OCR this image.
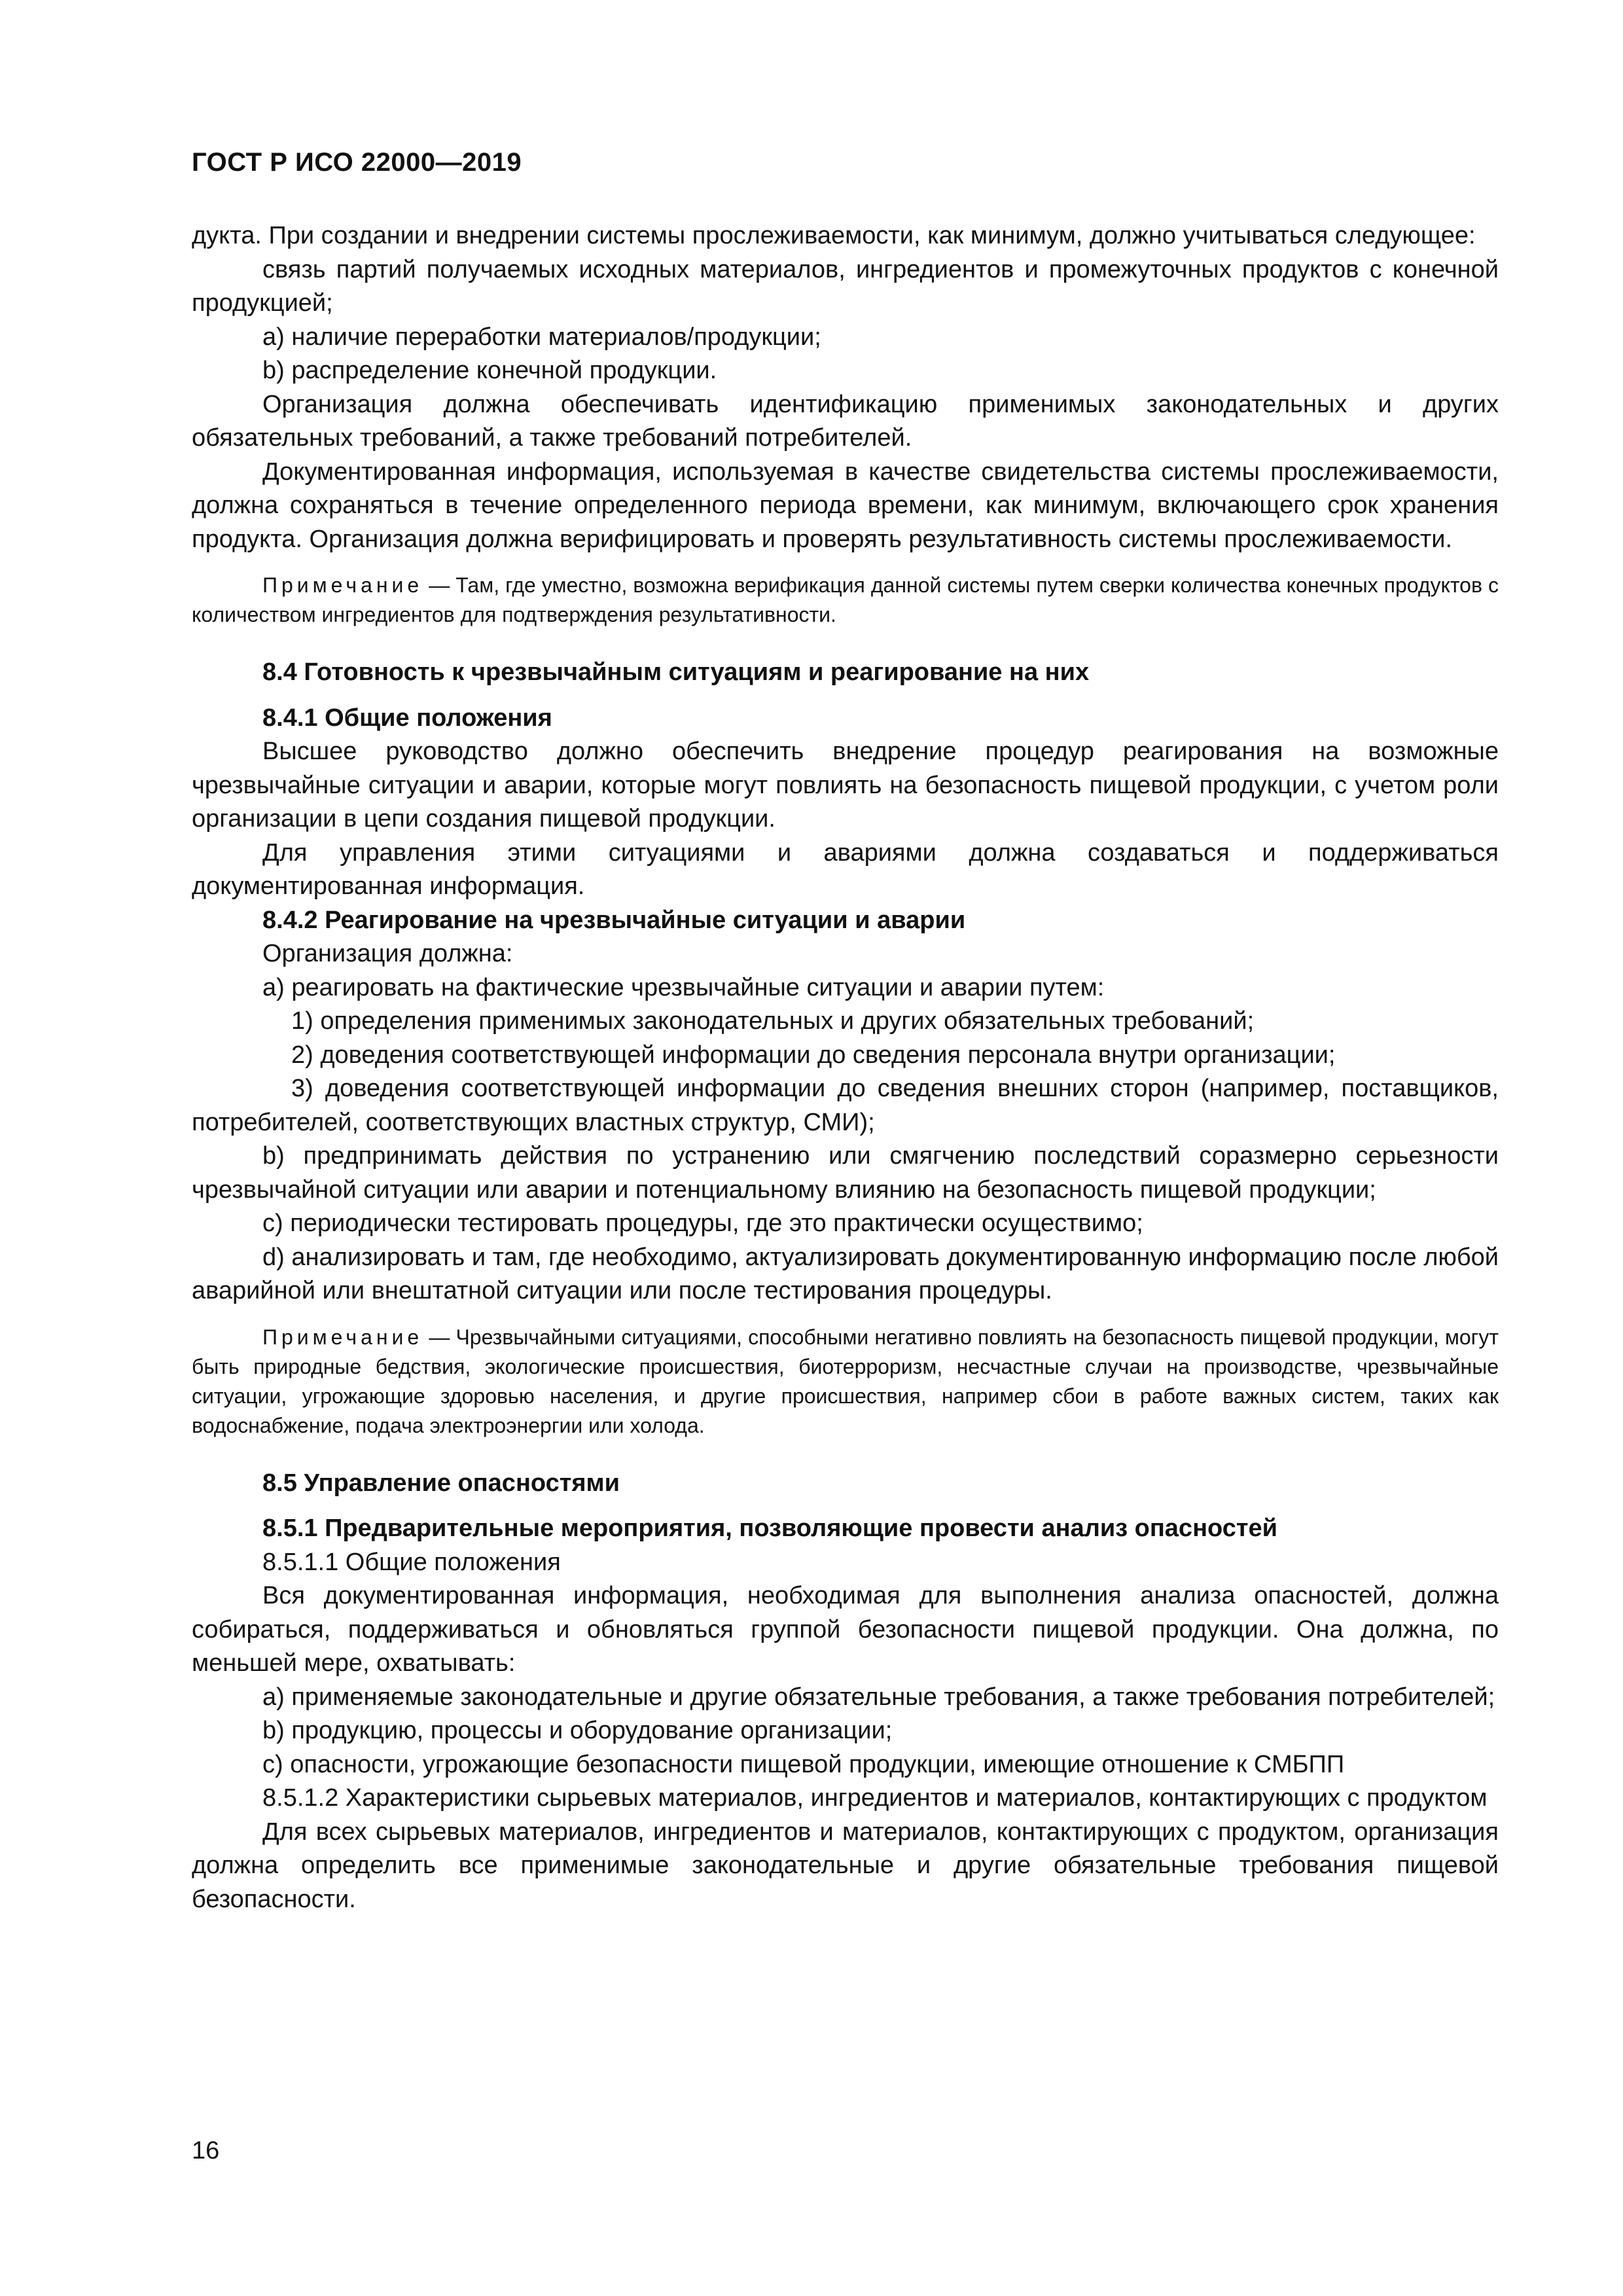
ГОСТ Р ИСО 22000—2019

дукта. При создании и внедрении системы прослеживаемости, как минимум, должно учитываться следующее:

связь партий получаемых исходных материалов, ингредиентов и промежуточных продуктов с конечной продукцией;

a) наличие переработки материалов/продукции;

b) распределение конечной продукции.

Организация должна обеспечивать идентификацию применимых законодательных и других обязательных требований, а также требований потребителей.

Документированная информация, используемая в качестве свидетельства системы прослеживаемости, должна сохраняться в течение определенного периода времени, как минимум, включающего срок хранения продукта. Организация должна верифицировать и проверять результативность системы прослеживаемости.

Примечание — Там, где уместно, возможна верификация данной системы путем сверки количества конечных продуктов с количеством ингредиентов для подтверждения результативности.

8.4 Готовность к чрезвычайным ситуациям и реагирование на них

8.4.1 Общие положения

Высшее руководство должно обеспечить внедрение процедур реагирования на возможные чрезвычайные ситуации и аварии, которые могут повлиять на безопасность пищевой продукции, с учетом роли организации в цепи создания пищевой продукции.

Для управления этими ситуациями и авариями должна создаваться и поддерживаться документированная информация.

8.4.2 Реагирование на чрезвычайные ситуации и аварии

Организация должна:

a) реагировать на фактические чрезвычайные ситуации и аварии путем:

1) определения применимых законодательных и других обязательных требований;

2) доведения соответствующей информации до сведения персонала внутри организации;

3) доведения соответствующей информации до сведения внешних сторон (например, поставщиков, потребителей, соответствующих властных структур, СМИ);

b) предпринимать действия по устранению или смягчению последствий соразмерно серьезности чрезвычайной ситуации или аварии и потенциальному влиянию на безопасность пищевой продукции;

c) периодически тестировать процедуры, где это практически осуществимо;

d) анализировать и там, где необходимо, актуализировать документированную информацию после любой аварийной или внештатной ситуации или после тестирования процедуры.

Примечание — Чрезвычайными ситуациями, способными негативно повлиять на безопасность пищевой продукции, могут быть природные бедствия, экологические происшествия, биотерроризм, несчастные случаи на производстве, чрезвычайные ситуации, угрожающие здоровью населения, и другие происшествия, например сбои в работе важных систем, таких как водоснабжение, подача электроэнергии или холода.

8.5 Управление опасностями

8.5.1 Предварительные мероприятия, позволяющие провести анализ опасностей

8.5.1.1 Общие положения

Вся документированная информация, необходимая для выполнения анализа опасностей, должна собираться, поддерживаться и обновляться группой безопасности пищевой продукции. Она должна, по меньшей мере, охватывать:

a) применяемые законодательные и другие обязательные требования, а также требования потребителей;

b) продукцию, процессы и оборудование организации;

c) опасности, угрожающие безопасности пищевой продукции, имеющие отношение к СМБПП

8.5.1.2 Характеристики сырьевых материалов, ингредиентов и материалов, контактирующих с продуктом

Для всех сырьевых материалов, ингредиентов и материалов, контактирующих с продуктом, организация должна определить все применимые законодательные и другие обязательные требования пищевой безопасности.

16
